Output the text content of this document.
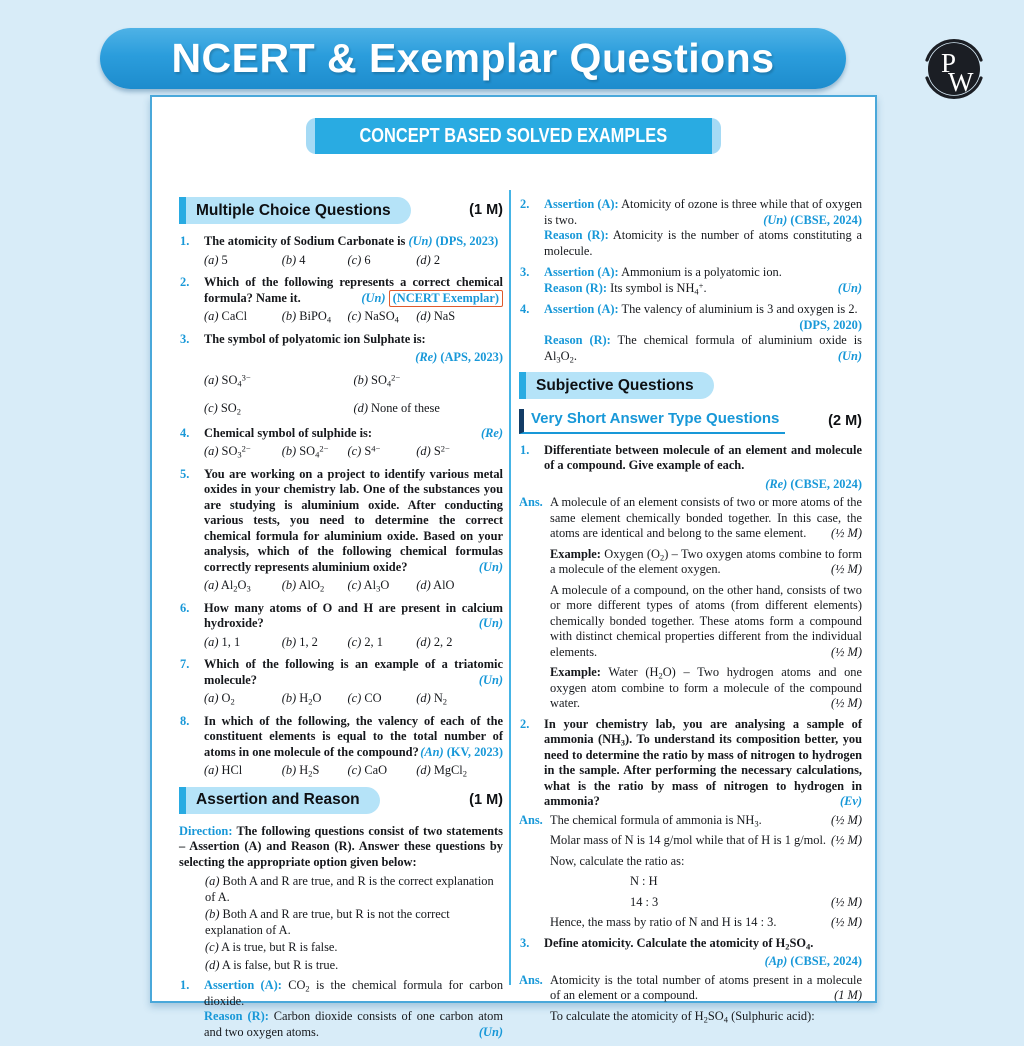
NCERT & Exemplar Questions	P
W
CONCEPT BASED SOLVED EXAMPLES
Multiple Choice Questions	(1 M)
1. The atomicity of Sodium Carbonate is (Un) (DPS, 2023)
(a) 5	(b) 4	(c) 6	(d) 2
2. Which of the following represents a correct chemical formula? Name it.	(Un) (NCERT Exemplar)
(a) CaCl	(b) BiPO$_4$	(c) NaSO$_4$	(d) NaS
3. The symbol of polyatomic ion Sulphate is:
(Re) (APS, 2023)
(a) $SO_4^{3-}$	(b) $SO_4^{2-}$
(c) $SO_2$	(d) None of these
4. Chemical symbol of sulphide is:	(Re)
(a) $SO_3^{2-}$	(b) $SO_4^{2-}$	(c) $S^{4-}$	(d) $S^{2-}$
5. You are working on a project to identify various metal oxides in your chemistry lab. One of the substances you are studying is aluminium oxide. After conducting various tests, you need to determine the correct chemical formula for aluminium oxide. Based on your analysis, which of the following chemical formulas correctly represents aluminium oxide?	(Un)
(a) $Al_2O_3$	(b) AlO$_2$	(c) $Al_3O$	(d) AlO
6. How many atoms of O and H are present in calcium hydroxide?	(Un)
(a) 1, 1	(b) 1, 2	(c) 2, 1	(d) 2, 2
7. Which of the following is an example of a triatomic molecule?	(Un)
(a) $O_2$	(b) $H_2O$	(c) CO	(d) $N_2$
8. In which of the following, the valency of each of the constituent elements is equal to the total number of atoms in one molecule of the compound? (An) (KV, 2023)
(a) HCl	(b) $H_2S$	(c) CaO	(d) MgCl$_2$
Assertion and Reason	(1 M)

Direction: The following questions consist of two statements – Assertion (A) and Reason (R). Answer these questions by selecting the appropriate option given below:

(a) Both A and R are true, and R is the correct explanation of A.

(b) Both A and R are true, but R is not the correct explanation of A.

(c) A is true, but R is false.

(d) A is false, but R is true.

1. Assertion (A): $CO_2$ is the chemical formula for carbon dioxide.

Reason (R): Carbon dioxide consists of one carbon atom and two oxygen atoms.	(Un)

2. Assertion (A): Atomicity of ozone is three while that of oxygen is two.	(Un) (CBSE, 2024)

Reason (R): Atomicity is the number of atoms constituting a molecule.

3. Assertion (A): Ammonium is a polyatomic ion.

Reason (R): Its symbol is $NH_4^+$.	(Un)

4. Assertion (A): The valency of aluminium is 3 and oxygen is 2.
(DPS, 2020)

Reason (R): The chemical formula of aluminium oxide is $Al_3O_2$.	(Un)

Subjective Questions
Very Short Answer Type Questions	(2 M)
1. Differentiate between molecule of an element and molecule of a compound. Give example of each.
(Re) (CBSE, 2024)
Ans. A molecule of an element consists of two or more atoms of the same element chemically bonded together. In this case, the atoms are identical and belong to the same element. (½ M)

Example: Oxygen $(O_2)$ – Two oxygen atoms combine to form a molecule of the element oxygen.	(½ M)

A molecule of a compound, on the other hand, consists of two or more different types of atoms (from different elements) chemically bonded together. These atoms form a compound with distinct chemical properties different from the individual elements.	(½ M)

Example: Water $(H_2O)$ – Two hydrogen atoms and one oxygen atom combine to form a molecule of the compound water.	(½ M)

2. In your chemistry lab, you are analysing a sample of ammonia $(NH_3)$. To understand its composition better, you need to determine the ratio by mass of nitrogen to hydrogen in the sample. After performing the necessary calculations, what is the ratio by mass of nitrogen to hydrogen in ammonia?	(Ev)
Ans. The chemical formula of ammonia is $NH_3$.	(½ M)

Molar mass of N is 14 g/mol while that of H is 1 g/mol. (½ M)

Now, calculate the ratio as:

N : H

14 : 3	(½ M)

Hence, the mass by ratio of N and H is 14 : 3.	(½ M)

3. Define atomicity. Calculate the atomicity of $H_2SO_4$.
(Ap) (CBSE, 2024)
Ans. Atomicity is the total number of atoms present in a molecule of an element or a compound.	(1 M)

To calculate the atomicity of $H_2SO_4$ (Sulphuric acid):
